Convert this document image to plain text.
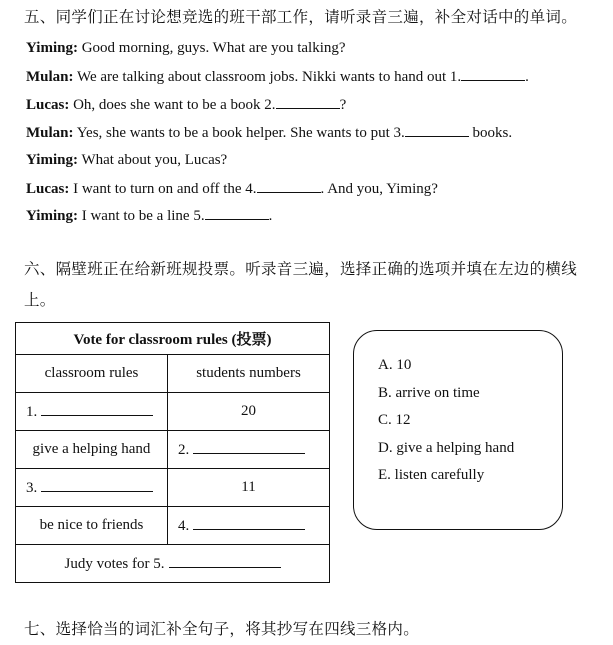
五、同学们正在讨论想竞选的班干部工作，请听录音三遍，补全对话中的单词。
Yiming: Good morning, guys. What are you talking?
Mulan: We are talking about classroom jobs. Nikki wants to hand out 1.	.
Lucas: Oh, does she want to be a book 2.	?
Mulan: Yes, she wants to be a book helper. She wants to put 3.	books.
Yiming: What about you, Lucas?
Lucas: I want to turn on and off the 4.	. And you, Yiming?
Yiming: I want to be a line 5.	.
六、隔壁班正在给新班规投票。听录音三遍，选择正确的选项并填在左边的横线
上。
Vote for classroom rules (投票)	
classroom rules	students numbers
1.	20
give a helping hand	2.
3.	11
be nice to friends	4.
Judy votes for 5.	
A. 10
B. arrive on time
C. 12
D. give a helping hand
E. listen carefully
七、选择恰当的词汇补全句子，将其抄写在四线三格内。
